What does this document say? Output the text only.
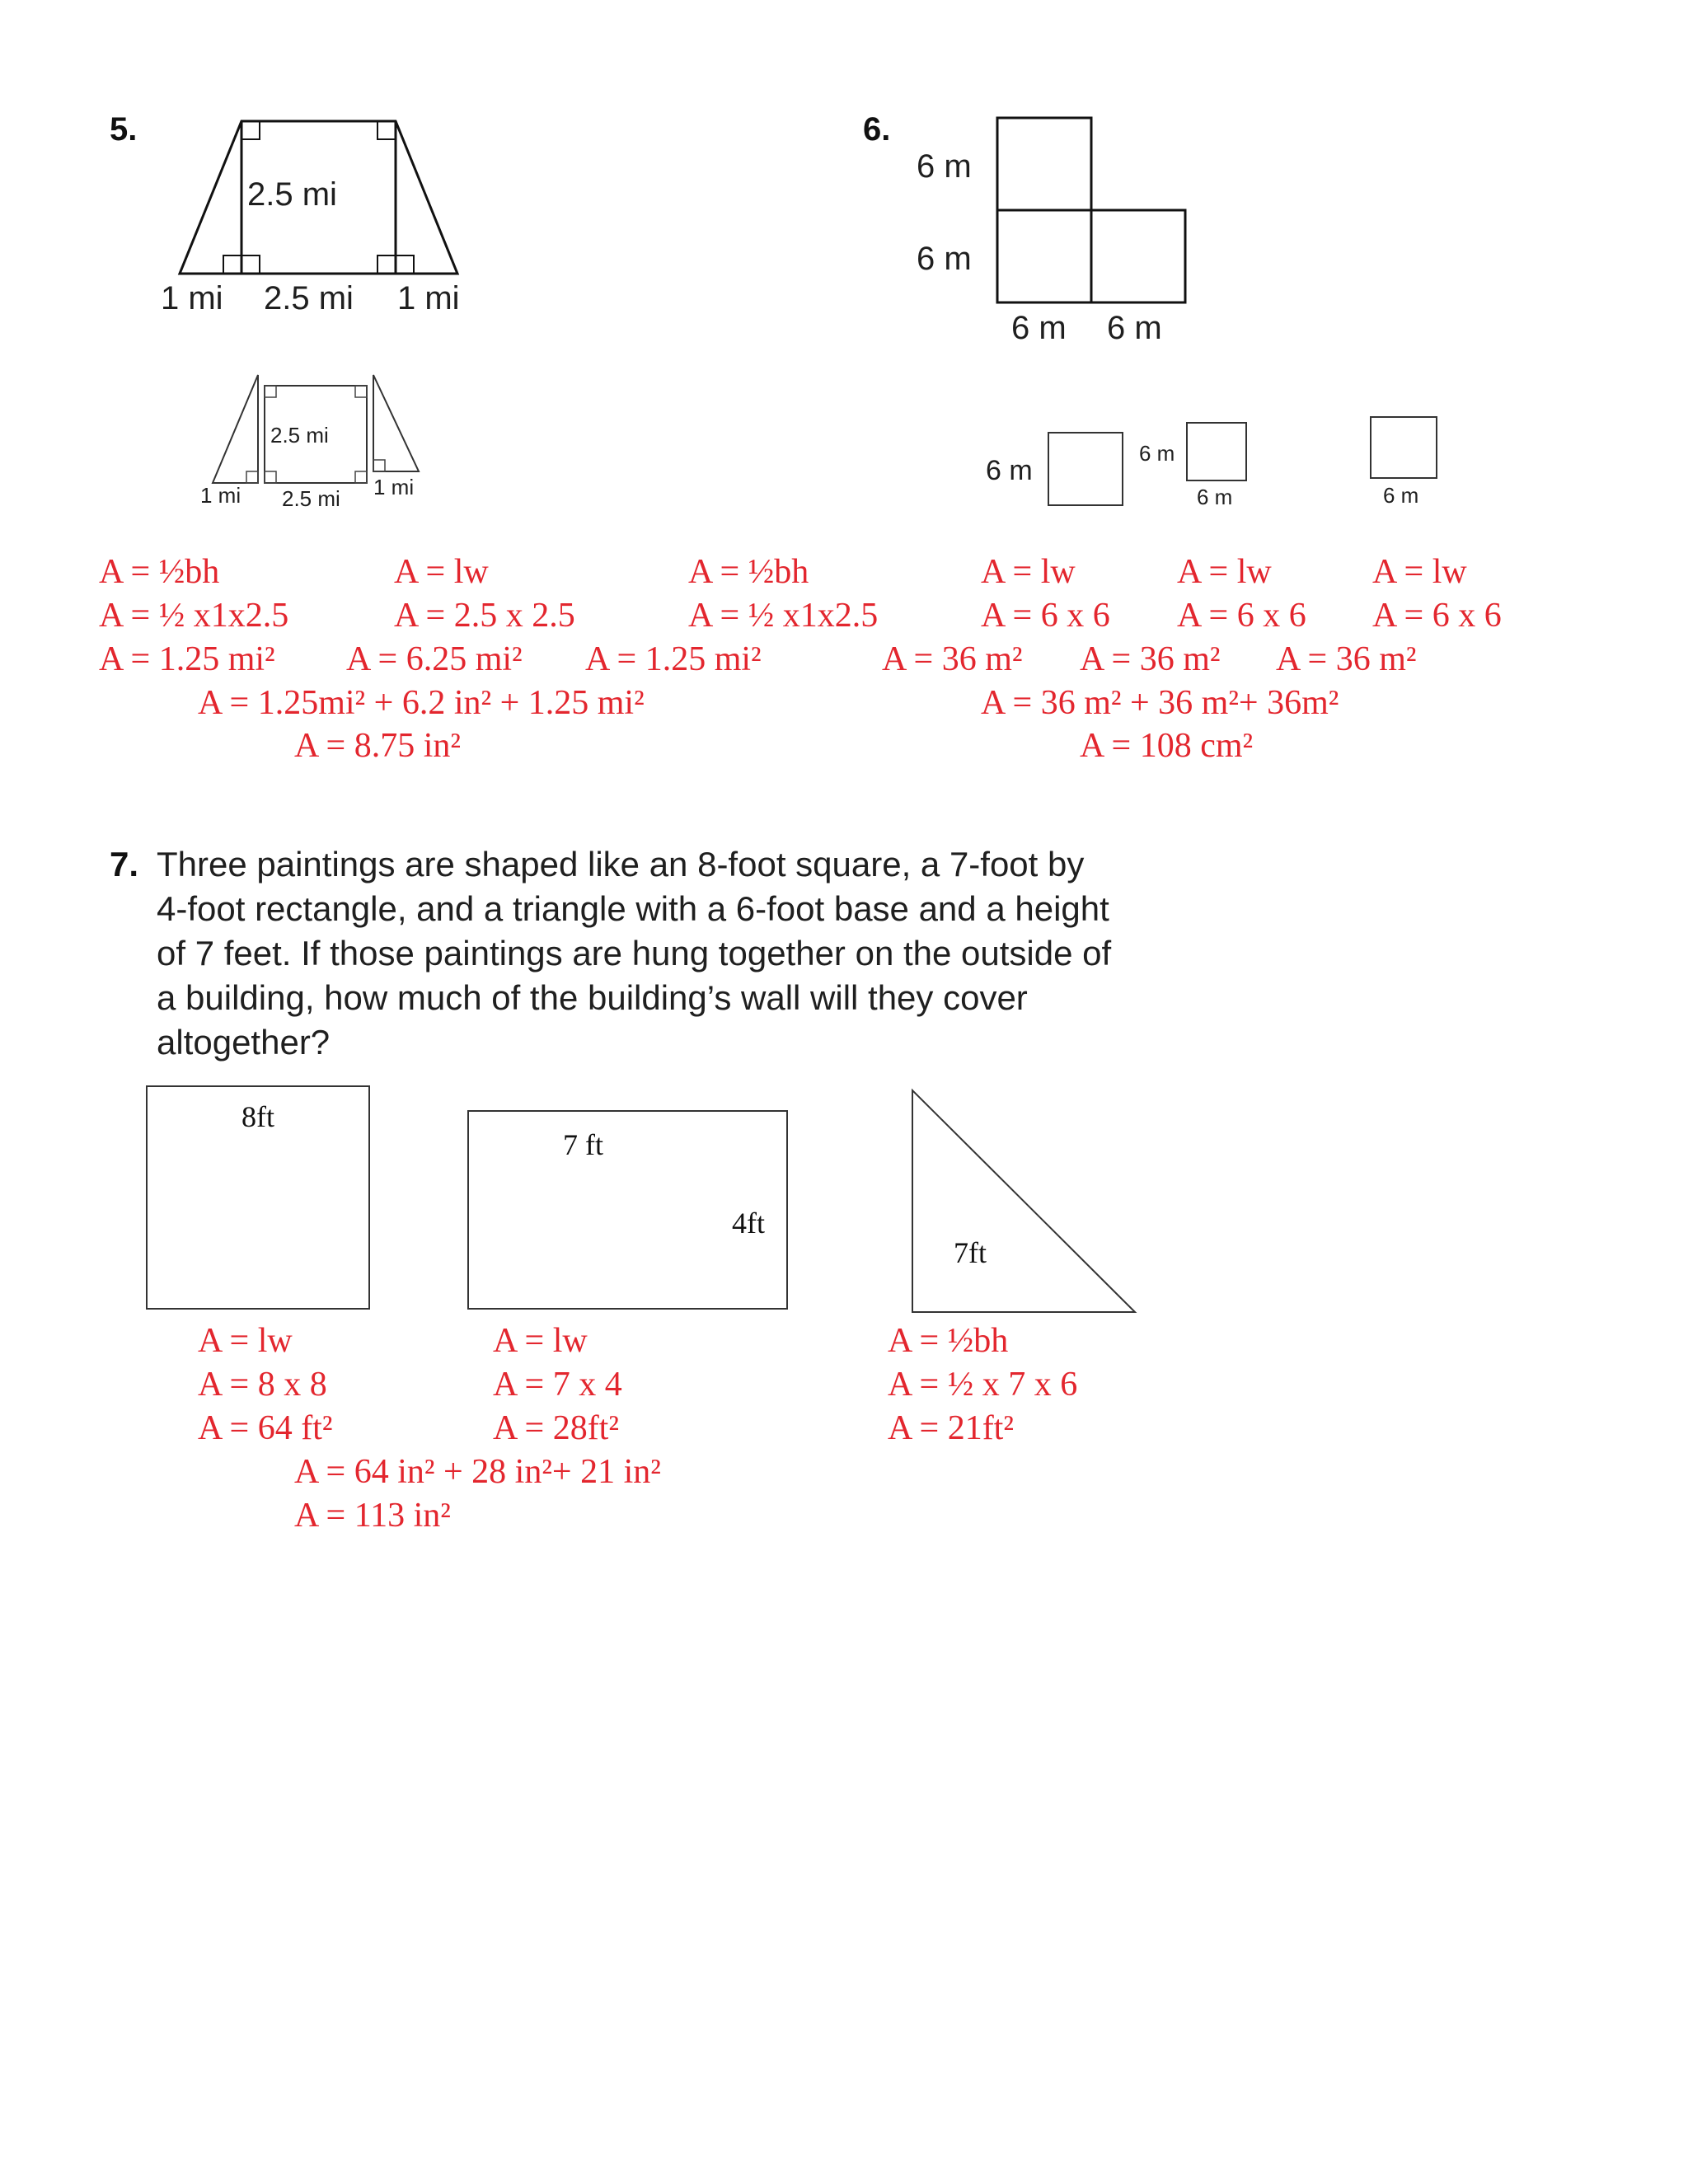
5.
2.5 mi
1 mi 2.5 mi 1 mi
2.5 mi
1 mi 2.5 mi 1 mi
A = ½bh
A = ½ x1x2.5
A = 1.25 mi²
A = lw
A = 2.5 x 2.5
A = 6.25 mi²
A = ½bh
A = ½ x1x2.5
A = 1.25 mi²
A = 1.25mi² + 6.2 in² + 1.25 mi²
A = 8.75 in²
6.
6 m
6 m
6 m 6 m
6 m
6 m
6 m	6 m
A = lw
A = 6 x 6
A = 36 m²
A = lw
A = 6 x 6
A = 36 m²
A = lw
A = 6 x 6
A = 36 m²
A = 36 m² + 36 m²+ 36m²
A = 108 cm²
7. Three paintings are shaped like an 8-foot square, a 7-foot by
4-foot rectangle, and a triangle with a 6-foot base and a height
of 7 feet. If those paintings are hung together on the outside of
a building, how much of the building’s wall will they cover
altogether?
8ft
7 ft
4ft
7ft
A = lw
A = 8 x 8
A = 64 ft²
A = lw
A = 7 x 4
A = 28ft²
A = ½bh
A = ½ x 7 x 6
A = 21ft²
A = 64 in² + 28 in²+ 21 in²
A = 113 in²
